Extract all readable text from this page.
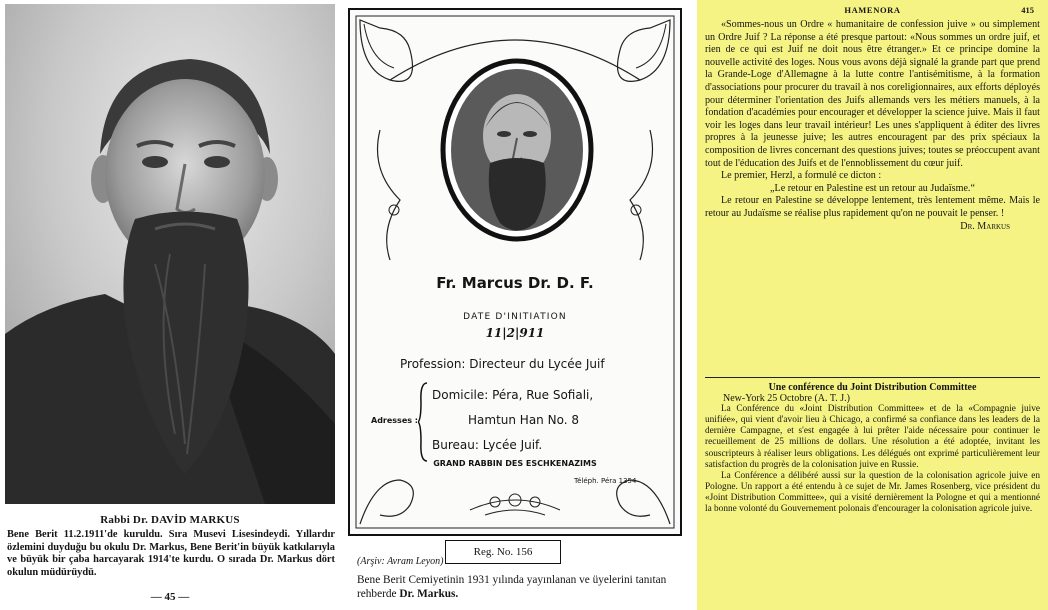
Rabbi Dr. DAVİD MARKUS
Bene Berit 11.2.1911'de kuruldu. Sıra Musevi Lisesindeydi. Yıllardır özlemini duyduğu bu okulu Dr. Markus, Bene Berit'in büyük katkılarıyla ve büyük bir çaba harcayarak 1914'te kurdu. O sırada Dr. Markus dört okulun müdürüydü.
— 45 —
Fr. Marcus Dr. D. F.
DATE D'INITIATION
11|2|911
Profession: Directeur du Lycée Juif
Adresses :
Domicile: Péra, Rue Sofiali,
Hamtun Han No. 8
Bureau: Lycée Juif.
GRAND RABBIN DES ESCHKENAZIMS
Téléph. Péra 1354
Reg. No. 156
(Arşiv: Avram Leyon)
Bene Berit Cemiyetinin 1931 yılında yayınlanan ve üyelerini tanıtan rehberde Dr. Markus.
HAMENORA	415

«Sommes-nous un Ordre « humanitaire de confession juive » ou simplement un Ordre Juif ? La réponse a été presque partout: «Nous sommes un ordre juif, et rien de ce qui est Juif ne doit nous être étranger.» Et ce principe domine la nouvelle activité des loges. Nous vous avons déjà signalé la grande part que prend la Grande-Loge d'Allemagne à la lutte contre l'antisémitisme, à la formation d'associations pour procurer du travail à nos coreligionnaires, aux efforts déployés pour déterminer l'orientation des Juifs allemands vers les métiers manuels, à la fondation d'académies pour encourager et développer la science juive. Mais il faut voir les loges dans leur travail intérieur! Les unes s'appliquent à éditer des livres propres à la jeunesse juive; les autres encouragent par des prix spéciaux la composition de livres concernant des questions juives; toutes se préoccupent avant tout de l'éducation des Juifs et de l'ennoblissement du cœur juif.

Le premier, Herzl, a formulé ce dicton :

„Le retour en Palestine est un retour au Judaïsme.“

Le retour en Palestine se développe lentement, très lentement même. Mais le retour au Judaïsme se réalise plus rapidement qu'on ne pouvait le penser. !

Dr. Markus
Une conférence du Joint Distribution Committee
New-York 25 Octobre (A. T. J.)

La Conférence du «Joint Distribution Committee» et de la «Compagnie juive unifiée», qui vient d'avoir lieu à Chicago, a confirmé sa confiance dans les leaders de la dernière Campagne, et s'est engagée à lui prêter l'aide nécessaire pour continuer le recueillement de 25 millions de dollars. Une résolution a été adoptée, invitant les souscripteurs à réaliser leurs obligations. Les délégués ont exprimé particulièrement leur satisfaction du progrès de la colonisation juive en Russie.

La Conférence a délibéré aussi sur la question de la colonisation agricole juive en Pologne. Un rapport a été entendu à ce sujet de Mr. James Rosenberg, vice président du «Joint Distribution Committee», qui a visité dernièrement la Pologne et qui a mentionné la bonne volonté du Gouvernement polonais d'encourager la colonisation agricole juive.
